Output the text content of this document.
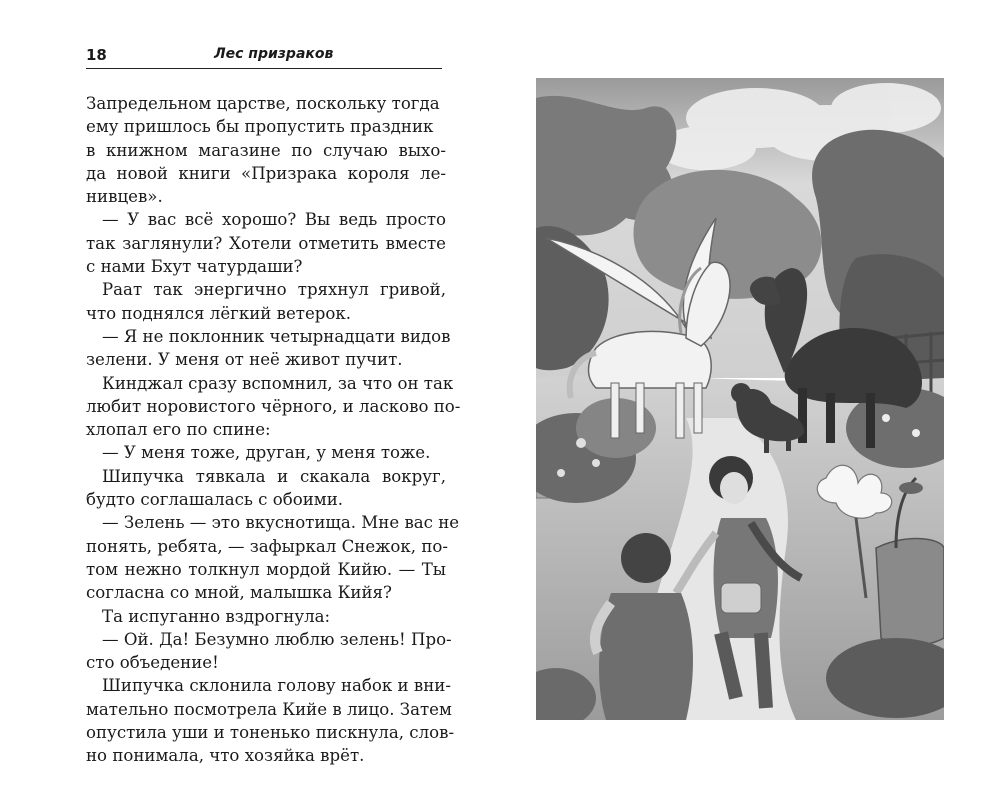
18	Лес призраков
Запредельном царстве, поскольку тогда
ему пришлось бы пропустить праздник
в книжном магазине по случаю выхо-
да новой книги «Призрака короля ле-
нивцев».
— У вас всё хорошо? Вы ведь просто
так заглянули? Хотели отметить вместе
с нами Бхут чатурдаши?
Раат так энергично тряхнул гривой,
что поднялся лёгкий ветерок.
— Я не поклонник четырнадцати видов
зелени. У меня от неё живот пучит.
Кинджал сразу вспомнил, за что он так
любит норовистого чёрного, и ласково по-
хлопал его по спине:
— У меня тоже, друган, у меня тоже.
Шипучка тявкала и скакала вокруг,
будто соглашалась с обоими.
— Зелень — это вкуснотища. Мне вас не
понять, ребята, — зафыркал Снежок, по-
том нежно толкнул мордой Кийю. — Ты
согласна со мной, малышка Кийя?
Та испуганно вздрогнула:
— Ой. Да! Безумно люблю зелень! Про-
сто объедение!
Шипучка склонила голову набок и вни-
мательно посмотрела Кийе в лицо. Затем
опустила уши и тоненько пискнула, слов-
но понимала, что хозяйка врёт.
